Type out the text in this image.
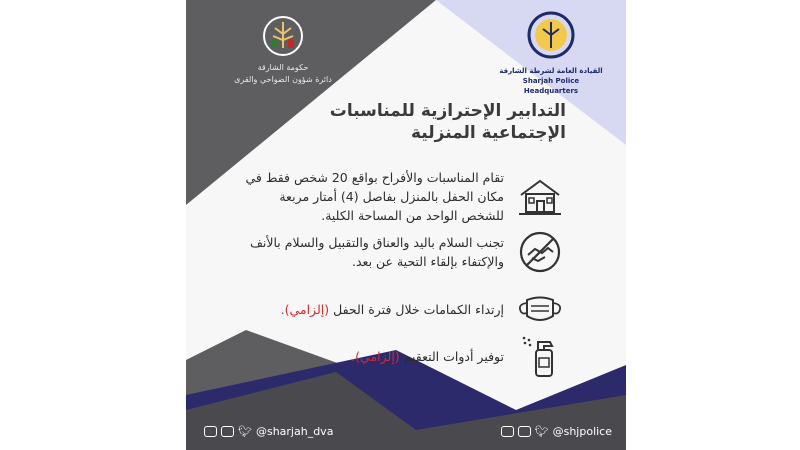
حكومة الشارقة
دائرة شؤون الضواحي والقرى
القيادة العامة لشرطة الشارقة
Sharjah Police Headquarters
التدابير الإحترازية للمناسبات
الإجتماعية المنزلية
تقام المناسبات والأفراح بواقع 20 شخص فقط في مكان الحفل بالمنزل بفاصل (4) أمتار مربعة للشخص الواحد من المساحة الكلية.
تجنب السلام باليد والعناق والتقبيل والسلام بالأنف والإكتفاء بإلقاء التحية عن بعد.
إرتداء الكمامات خلال فترة الحفل (إلزامي).
توفير أدوات التعقيم (إلزامي).
🐦︎ @sharjah_dva	🐦︎ @shjpolice
